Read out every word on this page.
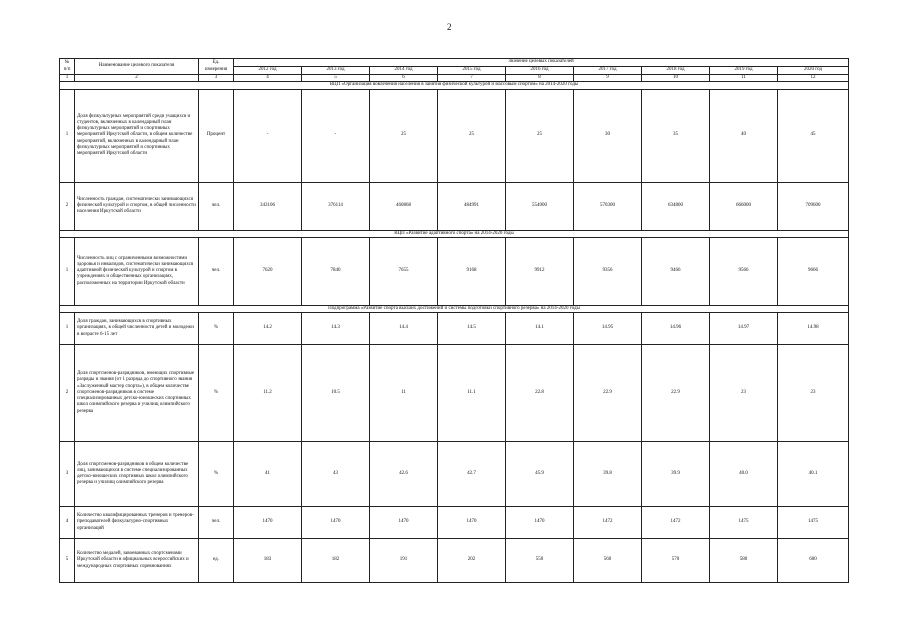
2
№ п/п	Наименование целевого показателя	Ед. измерения	Значение целевых показателей								
			2012 год	2013 год	2014 год	2015 год	2016 год	2017 год	2018 год	2019 год	2020 год
1	2	3	4	5	6	7	8	9	10	11	12
ВЦП «Организация вовлечения населения в занятия физической культурой и массовым спортом» на 2014-2020 годы											
1	Доля физкультурных мероприятий среди учащихся и студентов, включенных в календарный план физкультурных мероприятий и спортивных мероприятий Иркутской области, в общем количестве мероприятий, включенных в календарный план физкультурных мероприятий и спортивных мероприятий Иркутской области	Процент	-	-	25	25	25	30	35	40	45
2	Численность граждан, систематически занимающихся физической культурой и спортом, в общей численности населения Иркутской области	чел.	343106	376114	460868	484991	554000	570300	634800	666000	709600
ВЦП «Развитие адаптивного спорта» на 2014-2020 годы											
1	Численность лиц с ограниченными возможностями здоровья и инвалидов, систематически занимающихся адаптивной физической культурой и спортом в учреждениях и общественных организациях, расположенных на территории Иркутской области	чел.	7620	7840	7655	9168	9912	9356	9466	9566	9666
Подпрограмма «Развитие спорта высших достижений и системы подготовки спортивного резерва» на 2014-2020 годы											
1	Доля граждан, занимающихся в спортивных организациях, в общей численности детей и молодежи в возрасте 6-15 лет	%	14.2	14.3	14.4	14.5	14.1	14.95	14.96	14.97	14.98
2	Доля спортсменов-разрядников, имеющих спортивные разряды и звания (от 1 разряда до спортивного звания «Заслуженный мастер спорта»), в общем количестве спортсменов-разрядников в системе специализированных детско-юношеских спортивных школ олимпийского резерва и училищ олимпийского резерва	%	11.2	10.5	11	11.1	22.8	22.9	22.9	23	23
3	Доля спортсменов-разрядников в общем количестве лиц, занимающихся в системе специализированных детско-юношеских спортивных школ олимпийского резерва и училищ олимпийского резерва	%	41	43	42.6	42.7	45.9	39.8	39.9	40.0	40.1
4	Количество квалифицированных тренеров и тренеров-преподавателей физкультурно-спортивных организаций	чел.	1470	1470	1470	1470	1470	1472	1472	1475	1475
5	Количество медалей, завоеванных спортсменами Иркутской области в официальных всероссийских и международных спортивных соревнованиях	ед.	183	182	191	202	550	560	570	580	600
